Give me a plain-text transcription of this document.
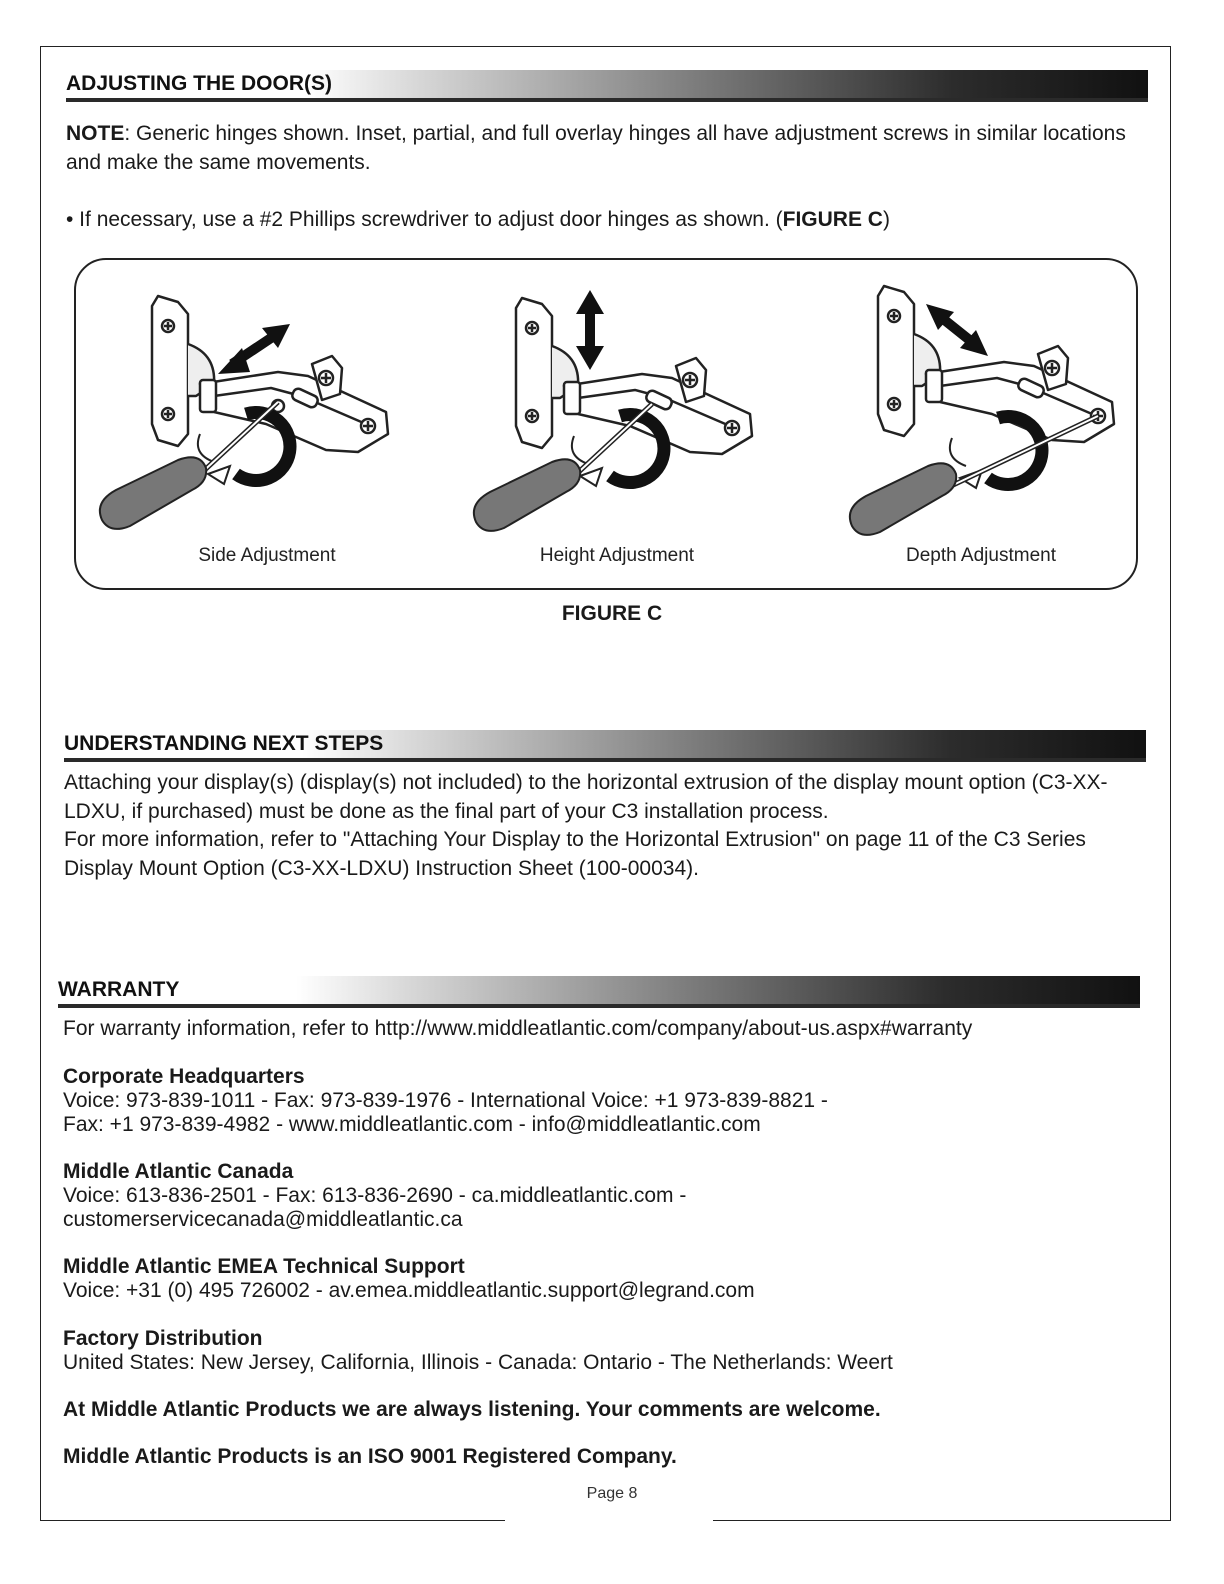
ADJUSTING THE DOOR(S)
NOTE: Generic hinges shown. Inset, partial, and full overlay hinges all have adjustment screws in similar locations and make the same movements.
• If necessary, use a #2 Phillips screwdriver to adjust door hinges as shown. (FIGURE C)
Side Adjustment	Height Adjustment	Depth Adjustment
FIGURE C
UNDERSTANDING NEXT STEPS
Attaching your display(s) (display(s) not included) to the horizontal extrusion of the display mount option (C3-XX-LDXU, if purchased) must be done as the final part of your C3 installation process.
For more information, refer to "Attaching Your Display to the Horizontal Extrusion" on page 11 of the C3 Series Display Mount Option (C3-XX-LDXU) Instruction Sheet (100-00034).
WARRANTY
For warranty information, refer to http://www.middleatlantic.com/company/about-us.aspx#warranty
Corporate Headquarters
Voice: 973-839-1011 - Fax: 973-839-1976 - International Voice: +1 973-839-8821 -
Fax: +1 973-839-4982 - www.middleatlantic.com - info@middleatlantic.com
Middle Atlantic Canada
Voice: 613-836-2501 - Fax: 613-836-2690 - ca.middleatlantic.com -
customerservicecanada@middleatlantic.ca
Middle Atlantic EMEA Technical Support
Voice: +31 (0) 495 726002 - av.emea.middleatlantic.support@legrand.com
Factory Distribution
United States: New Jersey, California, Illinois - Canada: Ontario - The Netherlands: Weert
At Middle Atlantic Products we are always listening. Your comments are welcome.
Middle Atlantic Products is an ISO 9001 Registered Company.
Page 8
